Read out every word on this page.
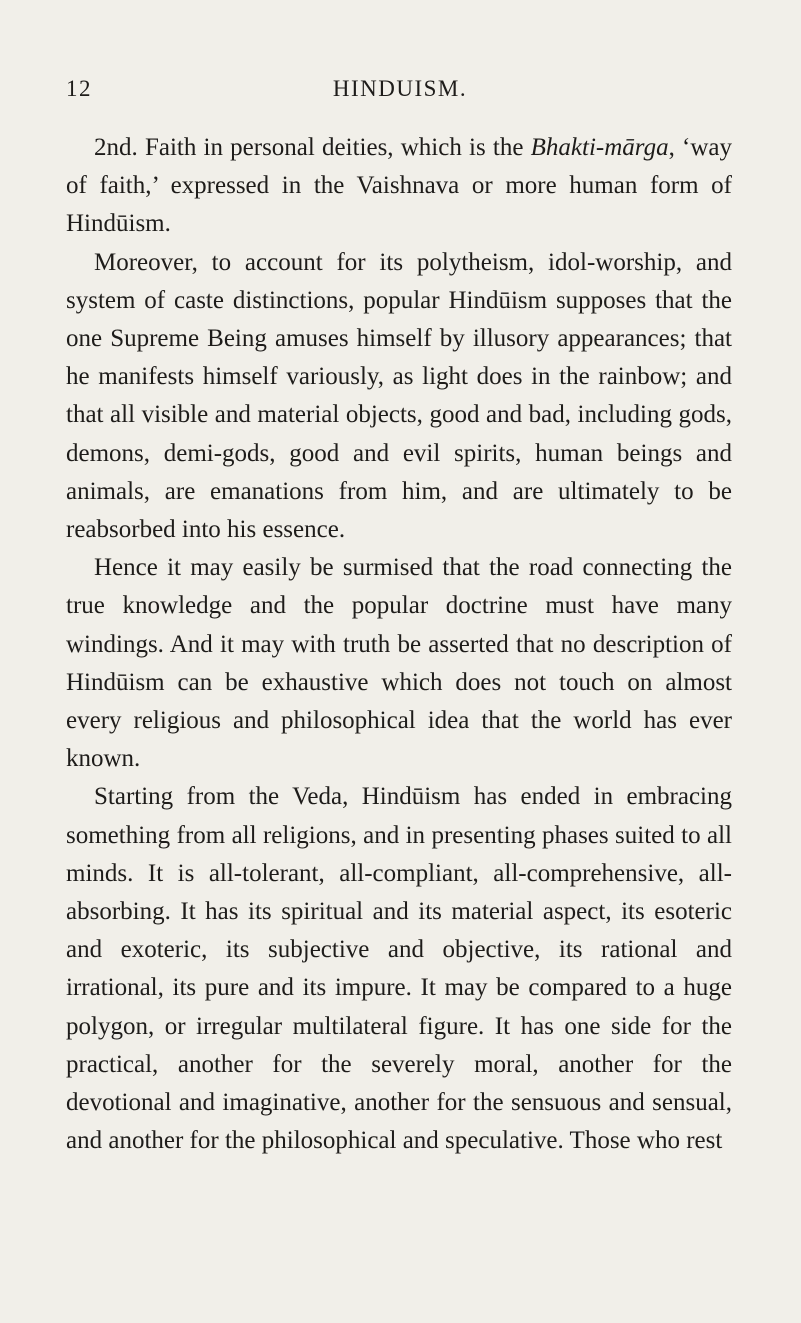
12	HINDUISM.

2nd. Faith in personal deities, which is the Bhakti-mārga, ‘way of faith,’ expressed in the Vaishnava or more human form of Hindūism.

Moreover, to account for its polytheism, idol-worship, and system of caste distinctions, popular Hindūism supposes that the one Supreme Being amuses himself by illusory appearances; that he manifests himself variously, as light does in the rainbow; and that all visible and material objects, good and bad, including gods, demons, demi-gods, good and evil spirits, human beings and animals, are emanations from him, and are ultimately to be reabsorbed into his essence.

Hence it may easily be surmised that the road connecting the true knowledge and the popular doctrine must have many windings. And it may with truth be asserted that no description of Hindūism can be exhaustive which does not touch on almost every religious and philosophical idea that the world has ever known.

Starting from the Veda, Hindūism has ended in embracing something from all religions, and in presenting phases suited to all minds. It is all-tolerant, all-compliant, all-comprehensive, all-absorbing. It has its spiritual and its material aspect, its esoteric and exoteric, its subjective and objective, its rational and irrational, its pure and its impure. It may be compared to a huge polygon, or irregular multilateral figure. It has one side for the practical, another for the severely moral, another for the devotional and imaginative, another for the sensuous and sensual, and another for the philosophical and speculative. Those who rest
